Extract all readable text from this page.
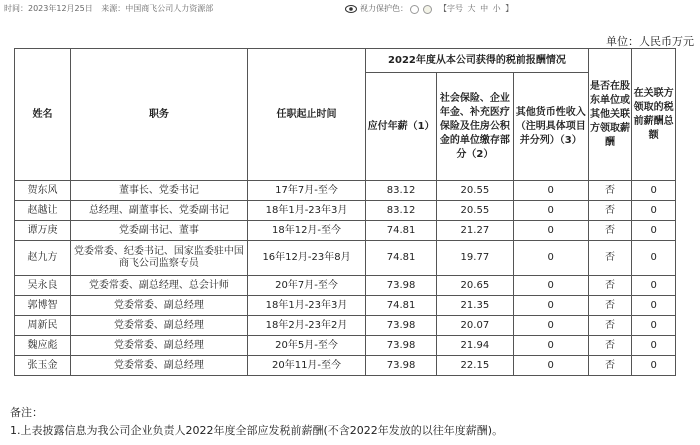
时间：2023年12月25日 来源：中国商飞公司人力资源部	视力保护色：	【字号 大 中 小 】
单位：人民币万元
姓名	职务	任职起止时间	2022年度从本公司获得的税前报酬情况			是否在股东单位或其他关联方领取薪酬	在关联方领取的税前薪酬总额
			应付年薪（1）	社会保险、企业年金、补充医疗保险及住房公积金的单位缴存部分（2）	其他货币性收入（注明具体项目并分列）（3）		
贺东风	董事长、党委书记	17年7月-至今	83.12	20.55	0	否	0
赵越让	总经理、副董事长、党委副书记	18年1月-23年3月	83.12	20.55	0	否	0
谭万庚	党委副书记、董事	18年12月-至今	74.81	21.27	0	否	0
赵九方	党委常委、纪委书记、国家监委驻中国商飞公司监察专员	16年12月-23年8月	74.81	19.77	0	否	0
吴永良	党委常委、副总经理、总会计师	20年7月-至今	73.98	20.65	0	否	0
郭博智	党委常委、副总经理	18年1月-23年3月	74.81	21.35	0	否	0
周新民	党委常委、副总经理	18年2月-23年2月	73.98	20.07	0	否	0
魏应彪	党委常委、副总经理	20年5月-至今	73.98	21.94	0	否	0
张玉金	党委常委、副总经理	20年11月-至今	73.98	22.15	0	否	0
备注：
1.上表披露信息为我公司企业负责人2022年度全部应发税前薪酬(不含2022年发放的以往年度薪酬)。
